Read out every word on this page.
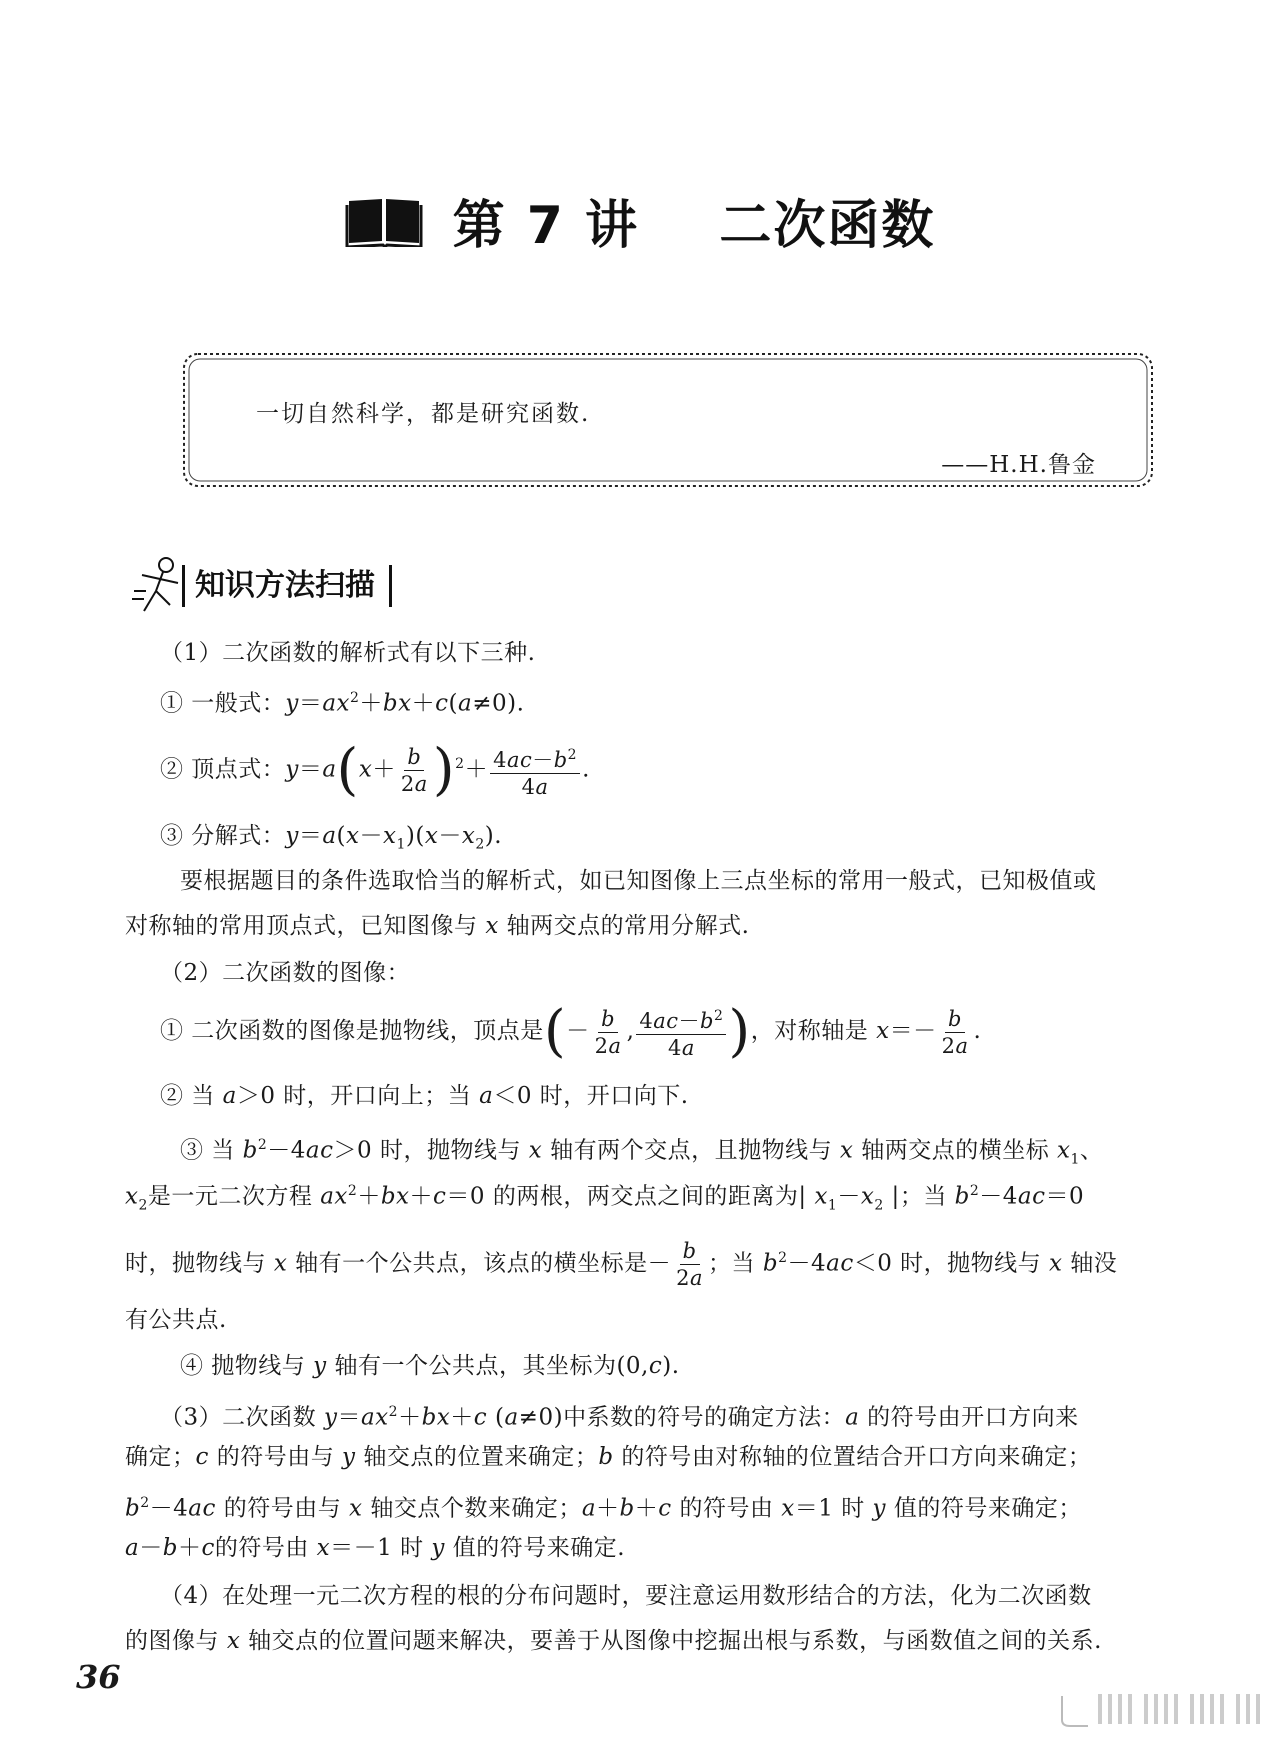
第 7 讲    二次函数
一切自然科学，都是研究函数.
——H.H.鲁金
知识方法扫描
（1）二次函数的解析式有以下三种.
① 一般式：$y=ax^2+bx+c(a\ne 0)$.
② 顶点式：$y=a(x+ \frac{b}{2a} )^2+ \frac{4ac-b^2}{4a}$ .
③ 分解式：$y=a(x-x_1)(x-x_2)$.
要根据题目的条件选取恰当的解析式，如已知图像上三点坐标的常用一般式，已知极值或
对称轴的常用顶点式，已知图像与 x 轴两交点的常用分解式.
（2）二次函数的图像：
① 二次函数的图像是抛物线，顶点是(－ $\frac{b}{2a}$ , $\frac{4ac-b^2}{4a}$ )，对称轴是 $x=- \frac{b}{2a}$ .
② 当 a＞0 时，开口向上；当 a＜0 时，开口向下.
③ 当 $b^2-4ac>0$ 时，抛物线与 x 轴有两个交点，且抛物线与 x 轴两交点的横坐标 $x_1$、
$x_2$是一元二次方程 $ax^2+bx+c=0$ 的两根，两交点之间的距离为| $x_1-x_2$ |；当 $b^2-4ac=0$
时，抛物线与 x 轴有一个公共点，该点的横坐标是－ $\frac{b}{2a}$ ；当 $b^2-4ac<0$ 时，抛物线与 x 轴没
有公共点.
④ 抛物线与 y 轴有一个公共点，其坐标为(0,c).
（3）二次函数 $y=ax^2+bx+c$ (a≠0)中系数的符号的确定方法：a 的符号由开口方向来
确定；c 的符号由与 y 轴交点的位置来确定；b 的符号由对称轴的位置结合开口方向来确定；
$b^2-4ac$ 的符号由与 x 轴交点个数来确定；a＋b＋c 的符号由 x＝1 时 y 值的符号来确定；
a－b＋c的符号由 x＝－1 时 y 值的符号来确定.
（4）在处理一元二次方程的根的分布问题时，要注意运用数形结合的方法，化为二次函数
的图像与 x 轴交点的位置问题来解决，要善于从图像中挖掘出根与系数，与函数值之间的关系.
36
